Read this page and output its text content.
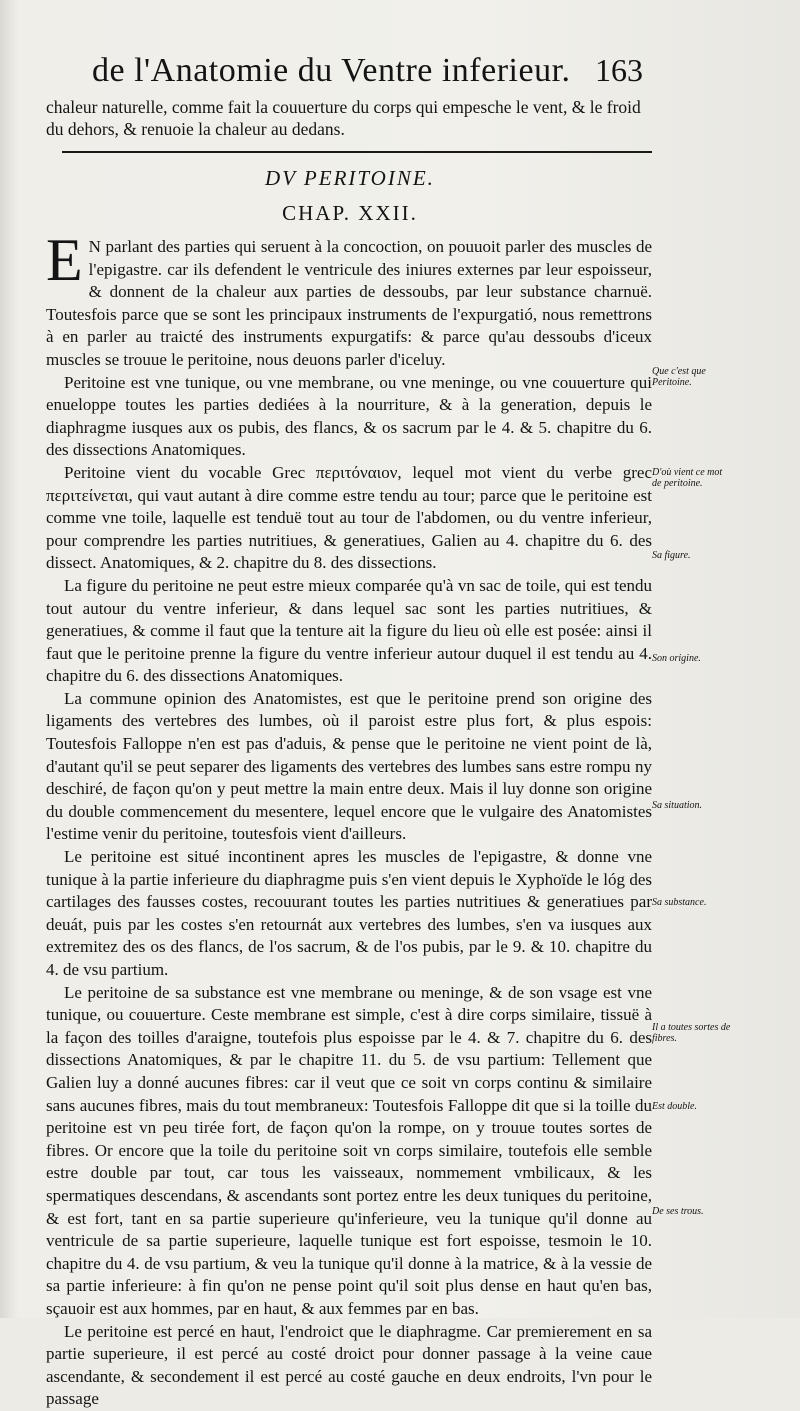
de l'Anatomie du Ventre inferieur. 163
chaleur naturelle, comme fait la couuerture du corps qui empesche le vent, & le froid du dehors, & renuoie la chaleur au dedans.
DV PERITOINE.
CHAP. XXII.

E N parlant des parties qui seruent à la concoction, on pouuoit parler des muscles de l'epigastre. car ils defendent le ventricule des iniures externes par leur espoisseur, & donnent de la chaleur aux parties de dessoubs, par leur substance charnuë. Toutesfois parce que se sont les principaux instruments de l'expurgatió, nous remettrons à en parler au traicté des instruments expurgatifs: & parce qu'au dessoubs d'iceux muscles se trouue le peritoine, nous deuons parler d'iceluy.

Peritoine est vne tunique, ou vne membrane, ou vne meninge, ou vne couuerture qui enueloppe toutes les parties dediées à la nourriture, & à la generation, depuis le diaphragme iusques aux os pubis, des flancs, & os sacrum par le 4. & 5. chapitre du 6. des dissections Anatomiques.

Peritoine vient du vocable Grec περιτόναιον, lequel mot vient du verbe grec περιτείνεται, qui vaut autant à dire comme estre tendu au tour; parce que le peritoine est comme vne toile, laquelle est tenduë tout au tour de l'abdomen, ou du ventre inferieur, pour comprendre les parties nutritiues, & generatiues, Galien au 4. chapitre du 6. des dissect. Anatomiques, & 2. chapitre du 8. des dissections.

La figure du peritoine ne peut estre mieux comparée qu'à vn sac de toile, qui est tendu tout autour du ventre inferieur, & dans lequel sac sont les parties nutritiues, & generatiues, & comme il faut que la tenture ait la figure du lieu où elle est posée: ainsi il faut que le peritoine prenne la figure du ventre inferieur autour duquel il est tendu au 4. chapitre du 6. des dissections Anatomiques.

La commune opinion des Anatomistes, est que le peritoine prend son origine des ligaments des vertebres des lumbes, où il paroist estre plus fort, & plus espois: Toutesfois Falloppe n'en est pas d'aduis, & pense que le peritoine ne vient point de là, d'autant qu'il se peut separer des ligaments des vertebres des lumbes sans estre rompu ny deschiré, de façon qu'on y peut mettre la main entre deux. Mais il luy donne son origine du double commencement du mesentere, lequel encore que le vulgaire des Anatomistes l'estime venir du peritoine, toutesfois vient d'ailleurs.

Le peritoine est situé incontinent apres les muscles de l'epigastre, & donne vne tunique à la partie inferieure du diaphragme puis s'en vient depuis le Xyphoïde le lóg des cartilages des fausses costes, recouurant toutes les parties nutritiues & generatiues par deuát, puis par les costes s'en retournát aux vertebres des lumbes, s'en va iusques aux extremitez des os des flancs, de l'os sacrum, & de l'os pubis, par le 9. & 10. chapitre du 4. de vsu partium.

Le peritoine de sa substance est vne membrane ou meninge, & de son vsage est vne tunique, ou couuerture. Ceste membrane est simple, c'est à dire corps similaire, tissuë à la façon des toilles d'araigne, toutefois plus espoisse par le 4. & 7. chapitre du 6. des dissections Anatomiques, & par le chapitre 11. du 5. de vsu partium: Tellement que Galien luy a donné aucunes fibres: car il veut que ce soit vn corps continu & similaire sans aucunes fibres, mais du tout membraneux: Toutesfois Falloppe dit que si la toille du peritoine est vn peu tirée fort, de façon qu'on la rompe, on y trouue toutes sortes de fibres. Or encore que la toile du peritoine soit vn corps similaire, toutefois elle semble estre double par tout, car tous les vaisseaux, nommement vmbilicaux, & les spermatiques descendans, & ascendants sont portez entre les deux tuniques du peritoine, & est fort, tant en sa partie superieure qu'inferieure, veu la tunique qu'il donne au ventricule de sa partie superieure, laquelle tunique est fort espoisse, tesmoin le 10. chapitre du 4. de vsu partium, & veu la tunique qu'il donne à la matrice, & à la vessie de sa partie inferieure: à fin qu'on ne pense point qu'il soit plus dense en haut qu'en bas, sçauoir est aux hommes, par en haut, & aux femmes par en bas.

Le peritoine est percé en haut, l'endroict que le diaphragme. Car premierement en sa partie superieure, il est percé au costé droict pour donner passage à la veine caue ascendante, & secondement il est percé au costé gauche en deux endroits, l'vn pour le passage

Que c'est que Peritoine.
D'où vient ce mot de peritoine.
Sa figure.
Son origine.
Sa situation.
Sa substance.
Il a toutes sortes de fibres.
Est double.
De ses trous.
